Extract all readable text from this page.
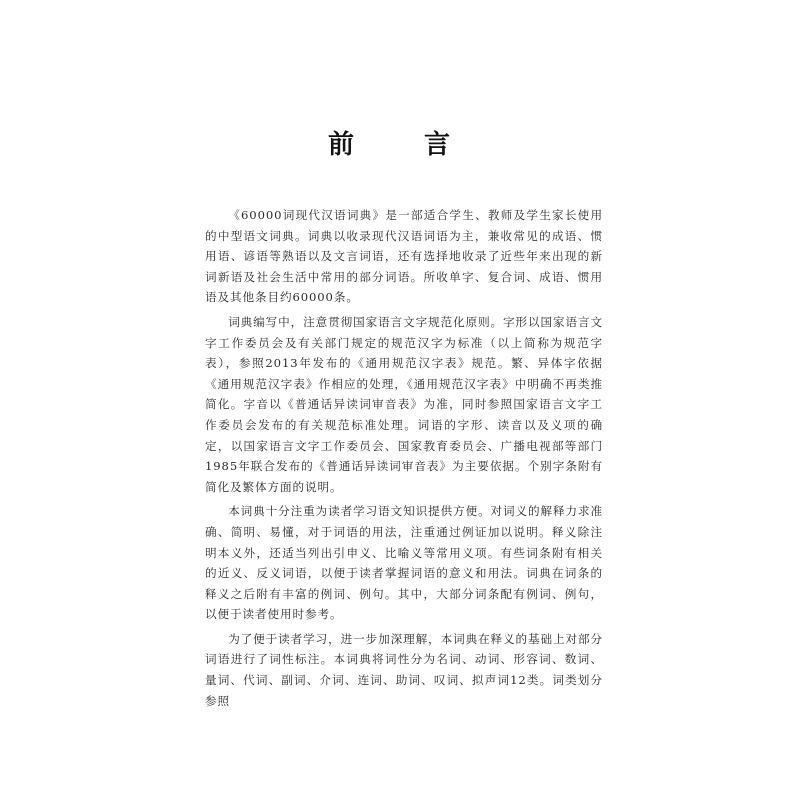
前　言

《60000词现代汉语词典》是一部适合学生、教师及学生家长使用的中型语文词典。词典以收录现代汉语词语为主，兼收常见的成语、惯用语、谚语等熟语以及文言词语，还有选择地收录了近些年来出现的新词新语及社会生活中常用的部分词语。所收单字、复合词、成语、惯用语及其他条目约60000条。

词典编写中，注意贯彻国家语言文字规范化原则。字形以国家语言文字工作委员会及有关部门规定的规范汉字为标准（以上简称为规范字表），参照2013年发布的《通用规范汉字表》规范。繁、异体字依据《通用规范汉字表》作相应的处理，《通用规范汉字表》中明确不再类推简化。字音以《普通话异读词审音表》为准，同时参照国家语言文字工作委员会发布的有关规范标准处理。词语的字形、读音以及义项的确定，以国家语言文字工作委员会、国家教育委员会、广播电视部等部门1985年联合发布的《普通话异读词审音表》为主要依据。个别字条附有简化及繁体方面的说明。

本词典十分注重为读者学习语文知识提供方便。对词义的解释力求准确、简明、易懂，对于词语的用法，注重通过例证加以说明。释义除注明本义外，还适当列出引申义、比喻义等常用义项。有些词条附有相关的近义、反义词语，以便于读者掌握词语的意义和用法。词典在词条的释义之后附有丰富的例词、例句。其中，大部分词条配有例词、例句，以便于读者使用时参考。

为了便于读者学习，进一步加深理解，本词典在释义的基础上对部分词语进行了词性标注。本词典将词性分为名词、动词、形容词、数词、量词、代词、副词、介词、连词、助词、叹词、拟声词12类。词类划分参照
